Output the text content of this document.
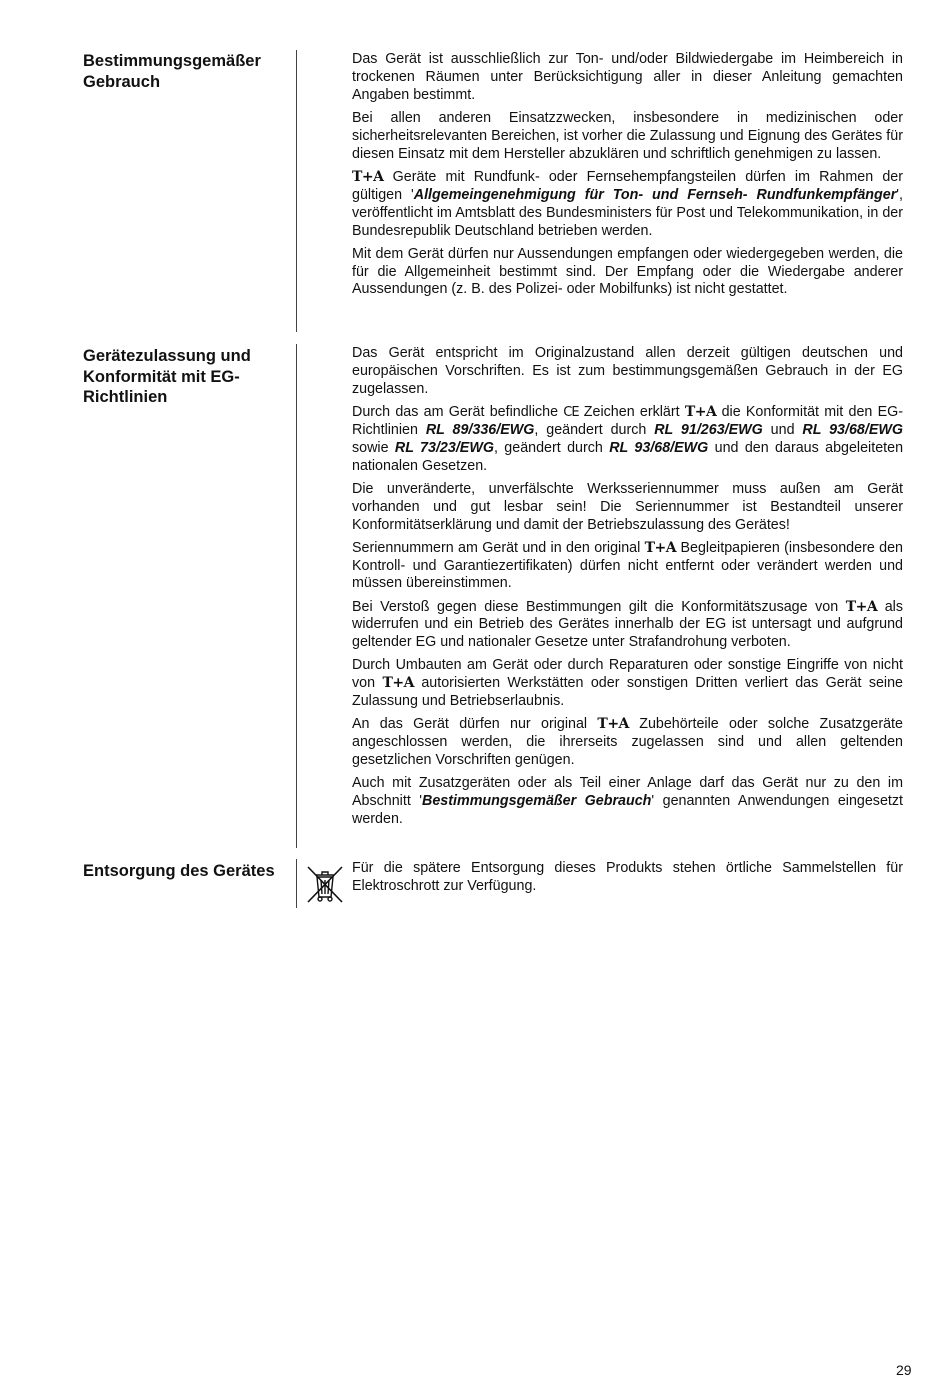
Bestimmungsgemäßer Gebrauch

Das Gerät ist ausschließlich zur Ton- und/oder Bildwiedergabe im Heimbereich in trockenen Räumen unter Berücksichtigung aller in dieser Anleitung gemachten Angaben bestimmt.

Bei allen anderen Einsatzzwecken, insbesondere in medizinischen oder sicherheitsrelevanten Bereichen, ist vorher die Zulassung und Eignung des Gerätes für diesen Einsatz mit dem Hersteller abzuklären und schriftlich genehmigen zu lassen.

T+A Geräte mit Rundfunk- oder Fernsehempfangsteilen dürfen im Rahmen der gültigen 'Allgemeingenehmigung für Ton- und Fernseh- Rundfunkempfänger', veröffentlicht im Amtsblatt des Bundesministers für Post und Telekommunikation, in der Bundesrepublik Deutschland betrieben werden.

Mit dem Gerät dürfen nur Aussendungen empfangen oder wiedergegeben werden, die für die Allgemeinheit bestimmt sind. Der Empfang oder die Wiedergabe anderer Aussendungen (z. B. des Polizei- oder Mobilfunks) ist nicht gestattet.

Gerätezulassung und Konformität mit EG-Richtlinien

Das Gerät entspricht im Originalzustand allen derzeit gültigen deutschen und europäischen Vorschriften. Es ist zum bestimmungsgemäßen Gebrauch in der EG zugelassen.

Durch das am Gerät befindliche CE Zeichen erklärt T+A die Konformität mit den EG-Richtlinien RL 89/336/EWG, geändert durch RL 91/263/EWG und RL 93/68/EWG sowie RL 73/23/EWG, geändert durch RL 93/68/EWG und den daraus abgeleiteten nationalen Gesetzen.

Die unveränderte, unverfälschte Werksseriennummer muss außen am Gerät vorhanden und gut lesbar sein! Die Seriennummer ist Bestandteil unserer Konformitätserklärung und damit der Betriebszulassung des Gerätes!

Seriennummern am Gerät und in den original T+A Begleitpapieren (insbesondere den Kontroll- und Garantiezertifikaten) dürfen nicht entfernt oder verändert werden und müssen übereinstimmen.

Bei Verstoß gegen diese Bestimmungen gilt die Konformitätszusage von T+A als widerrufen und ein Betrieb des Gerätes innerhalb der EG ist untersagt und aufgrund geltender EG und nationaler Gesetze unter Strafandrohung verboten.

Durch Umbauten am Gerät oder durch Reparaturen oder sonstige Eingriffe von nicht von T+A autorisierten Werkstätten oder sonstigen Dritten verliert das Gerät seine Zulassung und Betriebserlaubnis.

An das Gerät dürfen nur original T+A Zubehörteile oder solche Zusatzgeräte angeschlossen werden, die ihrerseits zugelassen sind und allen geltenden gesetzlichen Vorschriften genügen.

Auch mit Zusatzgeräten oder als Teil einer Anlage darf das Gerät nur zu den im Abschnitt 'Bestimmungsgemäßer Gebrauch' genannten Anwendungen eingesetzt werden.

Entsorgung des Gerätes	Für die spätere Entsorgung dieses Produkts stehen örtliche Sammelstellen für Elektroschrott zur Verfügung.

29
